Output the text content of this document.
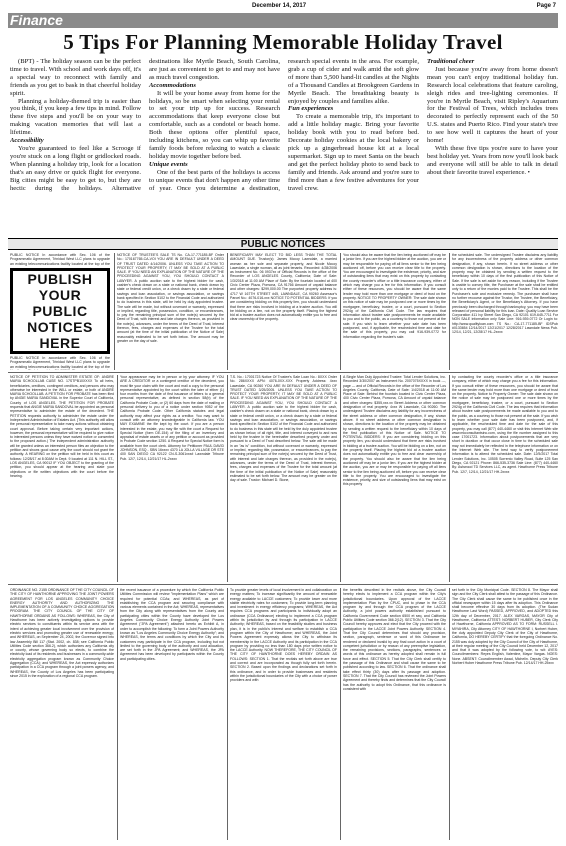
December 14, 2017	Page 7
Finance
5 Tips For Planning Memorable Holiday Travel

(BPT) - The holiday season can be the perfect time to travel. With school and work days off, it's a special way to reconnect with family and friends as you get to bask in that cheerful holiday spirit.

Planning a holiday-themed trip is easier than you think, if you keep a few tips in mind. Follow these five steps and you'll be on your way to making vacation memories that will last a lifetime.

Accessibility

You're guaranteed to feel like a Scrooge if you're stuck on a long flight or gridlocked roads. When planning a holiday trip, look for a location that's an easy drive or quick flight for everyone. Big cities might be easy to get to, but they are hectic during the holidays. Alternative destinations like Myrtle Beach, South Carolina, are just as convenient to get to and may not have as much travel congestion.

Accommodations

It will be your home away from home for the holidays, so be smart when selecting your rental to set your trip up for success. Research accommodations that keep everyone close but comfortable, such as a condotel or beach home. Both these options offer plentiful space, including kitchens, so you can whip up favorite family foods before relaxing to watch a classic holiday movie together before bed.

Unique events

One of the best parts of the holidays is access to unique events that don't happen any other time of year. Once you determine a destination, research special events in the area. For example, grab a cup of cider and walk amid the soft glow of more than 5,500 hand-lit candles at the Nights of a Thousand Candles at Brookgreen Gardens in Myrtle Beach. The breathtaking beauty is enjoyed by couples and families alike.

Fun experiences

To create a memorable trip, it's important to add a little holiday magic. Bring your favorite holiday book with you to read before bed. Decorate holiday cookies at the local bakery or pick up a gingerbread house kit at a local supermarket. Sign up to meet Santa on the beach and get the perfect holiday photo to send back to family and friends. Ask around and you're sure to find more than a few festive adventures for your travel crew.

Traditional cheer

Just because you're away from home doesn't mean you can't enjoy traditional holiday fun. Research local celebrations that feature caroling, sleigh rides and tree-lighting ceremonies. If you're in Myrtle Beach, visit Ripley's Aquarium for the Festival of Trees, which includes trees decorated to perfectly represent each of the 50 U.S. states and Puerto Rico. Find your state's tree to see how well it captures the heart of your home!

With these five tips you're sure to have your best holiday yet. Years from now you'll look back and everyone will still be able to talk in detail about their favorite travel experience. •

PUBLIC NOTICES
PUBLIC NOTICE In accordance with Sec. 106 of the Programmatic Agreement, Trinidad West LLC plans to upgrade an existing telecommunications facility located at the top of the
PUBLISH YOUR PUBLIC NOTICES HERE
PUBLIC NOTICE In accordance with Sec. 106 of the Programmatic Agreement, Trinidad West LLC plans to upgrade an existing telecommunications facility located at the top of the
NOTICE OF TRUSTEE'S SALE TS No. CA-17-771185-BF Order No.: 170167765-CA-VOI YOU ARE IN DEFAULT UNDER A DEED OF TRUST DATED 4/14/2006. UNLESS YOU TAKE ACTION TO PROTECT YOUR PROPERTY, IT MAY BE SOLD AT A PUBLIC SALE. IF YOU NEED AN EXPLANATION OF THE NATURE OF THE PROCEEDING AGAINST YOU, YOU SHOULD CONTACT A LAWYER. A public auction sale to the highest bidder for cash, cashier's check drawn on a state or national bank, check drawn by state or federal credit union, or a check drawn by a state or federal savings and loan association, or savings association, or savings bank specified in Section 5102 to the Financial Code and authorized to do business in this state, will be held by duly appointed trustee. The sale will be made, but without covenant or warranty, expressed or implied, regarding title, possession, condition, or encumbrances, to pay the remaining principal sum of the note(s) secured by the Deed of Trust, with interest and late charges thereon, as provided in the note(s), advances, under the terms of the Deed of Trust, interest thereon, fees, charges and expenses of the Trustee for the total amount (at the time of the initial publication of the Notice of Sale) reasonably estimated to be set forth below. The amount may be greater on the day of sale.
BENEFICIARY MAY ELECT TO BID LESS THAN THE TOTAL AMOUNT DUE. Trustor(s): James Mccoy Lawndale, a married woman as her sole and separate property, and Nicole Mccoy Lawndale, a single woman, all as joint tenants. Recorded: 4/28/2006 as Instrument No. 06 0937xx of Official Records in the office of the Recorder of LOS ANGELES County, California; Date of Sale: 1/3/2018 at 11:00 AM Place of Sale: By the fountain located at 400 Civic Center Plaza, Pomona, CA 91766 Amount of unpaid balance and other charges: $299,000.00 The purported property address is: 4717 W 167TH STREET #45, LAWNDALE, CA 90260 Assessor's Parcel No.: 4076-016-xxx NOTICE TO POTENTIAL BIDDERS: If you are considering bidding on this property lien, you should understand that there are risks involved in bidding at a trustee auction. You will be bidding on a lien, not on the property itself. Placing the highest bid at a trustee auction does not automatically entitle you to free and clear ownership of the property.
You should also be aware that the lien being auctioned off may be a junior lien. If you are the highest bidder at the auction, you are or may be responsible for paying off all liens senior to the lien being auctioned off, before you can receive clear title to the property. You are encouraged to investigate the existence, priority, and size of outstanding liens that may exist on this property by contacting the county recorder's office or a title insurance company, either of which may charge you a fee for this information. If you consult either of these resources, you should be aware that the same lender may hold more than one mortgage or deed of trust on the property. NOTICE TO PROPERTY OWNER: The sale date shown on this notice of sale may be postponed one or more times by the mortgagee, beneficiary, trustee, or a court, pursuant to Section 2924g of the California Civil Code. The law requires that information about trustee sale postponements be made available to you and to the public, as a courtesy to those not present at the sale. If you wish to learn whether your sale date has been postponed, and, if applicable, the rescheduled time and date for the sale of this property, you may call 916-939-0772 for information regarding the trustee's sale.
the scheduled sale. The undersigned Trustee disclaims any liability for any incorrectness of the property address or other common designation, if any, shown herein. If no street address or other common designation is shown, directions to the location of the property may be obtained by sending a written request to the beneficiary within 10 days of the first publication of this Notice of Sale. If the sale is set aside for any reason, including if the Trustee is unable to convey title, the Purchaser at the sale shall be entitled only to a return of the monies paid to the Trustee. This shall be the Purchaser's sole and exclusive remedy. The purchaser shall have no further recourse against the Trustor, the Trustee, the Beneficiary, the Beneficiary's Agent, or the Beneficiary's Attorney. If you have previously been discharged through bankruptcy, you may have been released of personal liability for this loan. Date: Quality Loan Service Corporation 411 Ivy Street San Diego, CA 92101 619-645-7711 For NON SALE information only Sale Line: 916-939-0772 Or Login to: http://www.qualityloan.com TS No.: CA-17-771185-BF IDSPub #0133654 12/14/2017 12/21/2017 12/28/2017 Lawndale News Pub. 12/14, 12/21, 12/28/17 HL-2xxxx
NOTICE OF PETITION TO ADMINISTER ESTATE OF: ANDRE MARIA SCHOOLLAB CASE NO. 17STPB10XXXX To all heirs, beneficiaries, creditors, contingent creditors, and persons who may otherwise be interested in the WILL or estate, or both of ANDRE MARIA SCHOOLLAB. A PETITION FOR PROBATE has been filed by ANGIE MARIA SANDOVAL in the Superior Court of California, County of LOS ANGELES. THE PETITION FOR PROBATE requests that ANGIE MARIA SANDOVAL be appointed as personal representative to administer the estate of the decedent. THE PETITION requests authority to administer the estate under the Independent Administration of Estates Act. (This authority will allow the personal representative to take many actions without obtaining court approval. Before taking certain very important actions, however, the personal representative will be required to give notice to interested persons unless they have waived notice or consented to the proposed action.) The independent administration authority will be granted unless an interested person files an objection to the petition and shows good cause why the court should not grant the authority. A HEARING on the petition will be held in this court as follows: 12/28/17 at 8:30AM in Dept. 9 located at 111 N. HILL ST., LOS ANGELES, CA 90012 IF YOU OBJECT to the granting of the petition, you should appear at the hearing and state your objections or file written objections with the court before the hearing.
Your appearance may be in person or by your attorney. IF YOU ARE A CREDITOR or a contingent creditor of the decedent, you must file your claim with the court and mail a copy to the personal representative appointed by the court within the later of either (1) four months from the date of first issuance of letters to a general personal representative, as defined in section 58(b) of the California Probate Code, or (2) 60 days from the date of mailing or personal delivery to you of a notice under section 9052 of the California Probate Code. Other California statutes and legal authority may affect your rights as a creditor. You may want to consult with an attorney knowledgeable in California law. YOU MAY EXAMINE the file kept by the court. If you are a person interested in the estate, you may file with the court a Request for Special Notice (form DE-154) of the filing of an inventory and appraisal of estate assets or of any petition or account as provided in Probate Code section 1250. A Request for Special Notice form is available from the court clerk. Attorney for Petitioner PAUL DAVID JOHNSON, ESQ - SBN 16xxxx 4370 LA JOLLA VILLAGE DR STE 400 SAN DIEGO CA 92122 CN-S-3061xxx# Lawndale Tribune Pub. 12/7, 12/14, 12/21/17 HL-2xxxx
T.S. No.: 17001723 Notice Of Trustee's Sale Loan No.: 8XXX Order No. 286XXXX APN: 4076-0XX-XXX Property Address: 4xxx Lawndale, CA 90260 YOU ARE IN DEFAULT UNDER A DEED OF TRUST DATED 3/25/2005. UNLESS YOU TAKE ACTION TO PROTECT YOUR PROPERTY, IT MAY BE SOLD AT A PUBLIC SALE. IF YOU NEED AN EXPLANATION OF THE NATURE OF THE PROCEEDING AGAINST YOU, YOU SHOULD CONTACT A LAWYER. A public auction sale to the highest bidder for cash, cashier's check drawn on a state or national bank, check drawn by a state or federal credit union, or a check drawn by a state or federal savings and loan association, or savings association, or savings bank specified in Section 5102 of the Financial Code and authorized to do business in this state will be held by the duly appointed trustee as shown below, of all right, title, and interest conveyed to and now held by the trustee in the hereinafter described property under and pursuant to a Deed of Trust described below. The sale will be made in an "as is" condition, but without covenant or warranty, expressed or implied, regarding title, possession, or encumbrances, to pay the remaining principal sum of the note(s) secured by the Deed of Trust, with interest and late charges thereon, as provided in the note(s), advances, under the terms of the Deed of Trust, interest thereon, fees, charges and expenses of the Trustee for the total amount (at the time of the initial publication of the Notice of Sale) reasonably estimated to be set forth below. The amount may be greater on the day of sale. Trustor: Michael D. Stone,
A Single Man Duly Appointed Trustee: Total Lender Solutions, Inc. Recorded 3/30/2007 as Instrument No. 2007075XXXX in book ---, page --- and of Official Records in the office of the Recorder of Los Angeles County, California, Date of Sale: 1/4/2018 at 11:00 AM Place of Sale: Behind the fountain located in Civic Center Plaza, 400 Civic Center Plaza, Pomona, CA Amount of unpaid balance and other charges: $355,xxx.xx Street Address or other common designation of real property: 4xxx W Lawndale, CA 90260. The undersigned Trustee disclaims any liability for any incorrectness of the street address or other common designation, if any, shown above. If no street address or other common designation is shown, directions to the location of the property may be obtained by sending a written request to the beneficiary within 10 days of the first publication of this Notice of Sale. NOTICE TO POTENTIAL BIDDERS: If you are considering bidding on this property lien, you should understand that there are risks involved in bidding at a trustee auction. You will be bidding on a lien, not on the property itself. Placing the highest bid at a trustee auction does not automatically entitle you to free and clear ownership of the property. You should also be aware that the lien being auctioned off may be a junior lien. If you are the highest bidder at the auction, you are or may be responsible for paying off all liens senior to the lien being auctioned off, before you can receive clear title to the property. You are encouraged to investigate the existence, priority, and size of outstanding liens that may exist on this property
by contacting the county recorder's office or a title insurance company, either of which may charge you a fee for this information. If you consult either of these resources, you should be aware that the same lender may hold more than one mortgage or deed of trust on the property. Notice to Property Owner: The sale date shown on the notice of sale may be postponed one or more times by the mortgagee, beneficiary, trustee, or a court, pursuant to Section 2924g of the California Civil Code. The law requires that information about trustee sale postponements be made available to you and to the public, as a courtesy to those not present at the sale. If you wish to learn whether your sale date has been postponed, and, if applicable, the rescheduled time and date for the sale of this property, you may call (877) 440-4460 or visit this Internet Web site www.mkconsultantsinc.com, using the file number assigned to this case 17001723. Information about postponements that are very short in duration or that occur close in time to the scheduled sale may not immediately be reflected in the telephone information or on the Internet Web site. The best way to verify postponement information is to attend the scheduled sale. Date: 12/5/2017 Total Lender Solutions, Inc. 10505 Sorrento Valley Road, Suite 125 San Diego, CA 92121 Phone: 866-535-3736 Sale Line: (877) 440-4460 By: Ashwood TD Services LLC, as agent. Hawthorne Press Tribune Pub. 12/7, 12/14, 12/21/17 HH-2xxxx
ORDINANCE NO. 2155 ORDINANCE OF THE CITY COUNCIL OF THE CITY OF HAWTHORNE APPROVING THE JOINT POWERS AGREEMENT FOR LOS ANGELES COMMUNITY CHOICE ENERGY AUTHORITY AND AUTHORIZING THE IMPLEMENTATION OF A COMMUNITY CHOICE AGGREGATION PROGRAM. THE CITY COUNCIL OF THE CITY OF HAWTHORNE ORDAINS AS FOLLOWS: WHEREAS, the City of Hawthorne has been actively investigating options to provide electric services to constituents within its service area with the intent of achieving greater local involvement over the provision of electric services and promoting greater use of renewable energy; and WHEREAS, on September 24, 2002, the Governor signed into law Assembly Bill 117 (Stat. 2002, ch. 838; see California Public Utilities Code section 366.2), which authorizes any California city or county, whose governing body so elects, to combine the electricity load of its residents and businesses in a community-wide electricity aggregation program known as Community Choice Aggregation (CCA); and WHEREAS, the Act expressly authorizes participation in a CCA program through a joint powers agency; and WHEREAS, the County of Los Angeles has been participating since 2015 in the exploration of a regional CCA program.
the recent issuance of a procedure by which the California Public Utilities Commission will review "Implementation Plans" which are required for potential CCAs; and WHEREAS, as part of establishing the CCA program and securing compliance with various elements contained in the Act; WHEREAS, representatives from the City along with representatives from the County and participating cities within the County have developed the Los Angeles Community Choice Energy Authority Joint Powers Agreement ("JPA Agreement") attached hereto as Exhibit A, in order to accomplish the following: To form a Joint Powers Authority known as "Los Angeles Community Choice Energy Authority"; and WHEREAS, the terms and conditions by which the City and its customers may participate in the CCA program, including but not limited to the governing body of the authority and cost allocation, are set forth in the JPA Agreement; and WHEREAS, the JPA Agreement has been developed by participants within the County and participating cities.
To provide greater levels of local involvement in and collaboration on energy matters; To increase significantly the amount of renewable energy available to LACCE customers; To provide lower and more stable electricity rates for customers; To provide long-term planning and investment in energy efficiency programs; WHEREAS, the Act requires CCA programs and participants to individually adopt an ordinance (CCA Ordinance) electing to implement a CCA program within its jurisdiction by and through its participation in LACCE Authority; WHEREAS, based on the feasibility studies and business plan, it is in the public's interest and welfare to establish a CCA program within the City of Hawthorne; and WHEREAS, the Joint Powers Agreement expressly allows the City to withdraw its membership in the LACCE Authority and its participation in the CCA program by providing no less than 180 days prior written notice to the LACCE Authority. NOW THEREFORE, THE CITY COUNCIL OF THE CITY OF HAWTHORNE DOES HEREBY ORDAIN AS FOLLOWS: SECTION 1. That the recitals set forth above are true and correct and are incorporated as though fully set forth herein. SECTION 2. Based upon the findings and declarations set forth in this ordinance, and in order to provide businesses and residents within the jurisdictional boundaries of the City with a choice of power providers and with
the benefits described in the recitals above, the City Council hereby elects to implement a CCA program within the City's jurisdictional boundaries. Upon approval of the LACCE Implementation Plan by the CPUC, and to phase in the CCA program by and through the CCA program of the LACCE Authority, a joint powers authority established pursuant to California Government Code section 6500 et seq. and California Public Utilities Code section 366.2(12). SECTION 3. That the City Council hereby approves and elect that the City proceed with the participation in the LACCE Joint Powers Authority. SECTION 4. That the City Council determines that should any provision, section, paragraph, sentence or word of this Ordinance be rendered or declared invalid by any final court action in a court of competent jurisdiction or by reason of any preemptive legislation, the remaining provisions, sections, paragraphs, sentences or words of this ordinance as hereby adopted shall remain in full force and effect. SECTION 5. That the City Clerk shall certify to the passage of this Ordinance and shall cause the same to be published according to law. SECTION 6. That the ordinance shall take effect thirty (30) days after its passage and adoption. SECTION 7. That the City Council has reviewed the Joint Powers Agreement and thereby finds and determines that the City Council has the authority to adopt this Ordinance, that this ordinance is consistent with
set forth in the City Municipal Code. SECTION 8. The Mayor shall sign and the City Clerk shall attest to the passage of this Ordinance. The City Clerk shall cause the same to be published once in the official newspaper within 15 days after its adoption. This Ordinance shall become effective 30 days from its adoption. (The Sudan Hawthorne Last Word) PASSED, APPROVED, and ADOPTED this 12th day of December, 2017. ALEX VARGAS, MAYOR City of Hawthorne, California ATTEST: NORBERT HUBER, City Clerk City of Hawthorne, California APPROVED AS TO FORM: RUSSELL I. MIYAHIRA, City Attorney CITY OF HAWTHORNE I, Norbert Huber, the duly appointed Deputy City Clerk of the City of Hawthorne, California, DO HEREBY CERTIFY that the foregoing Ordinance No. 2155 was duly adopted by the City Council of the City of Hawthorne, at their regular meeting of the City Council held December 12, 2017 and that it was adopted by the following vote, to wit: AYES: Councilmembers: Reyes English, Valentine, Mayor Vargas. NOES: None. ABSENT: Councilmember Awad, Michelin. Deputy City Clerk Norbert Huber Hawthorne Press Tribune Pub. 12/14/17 HH-25xxx
